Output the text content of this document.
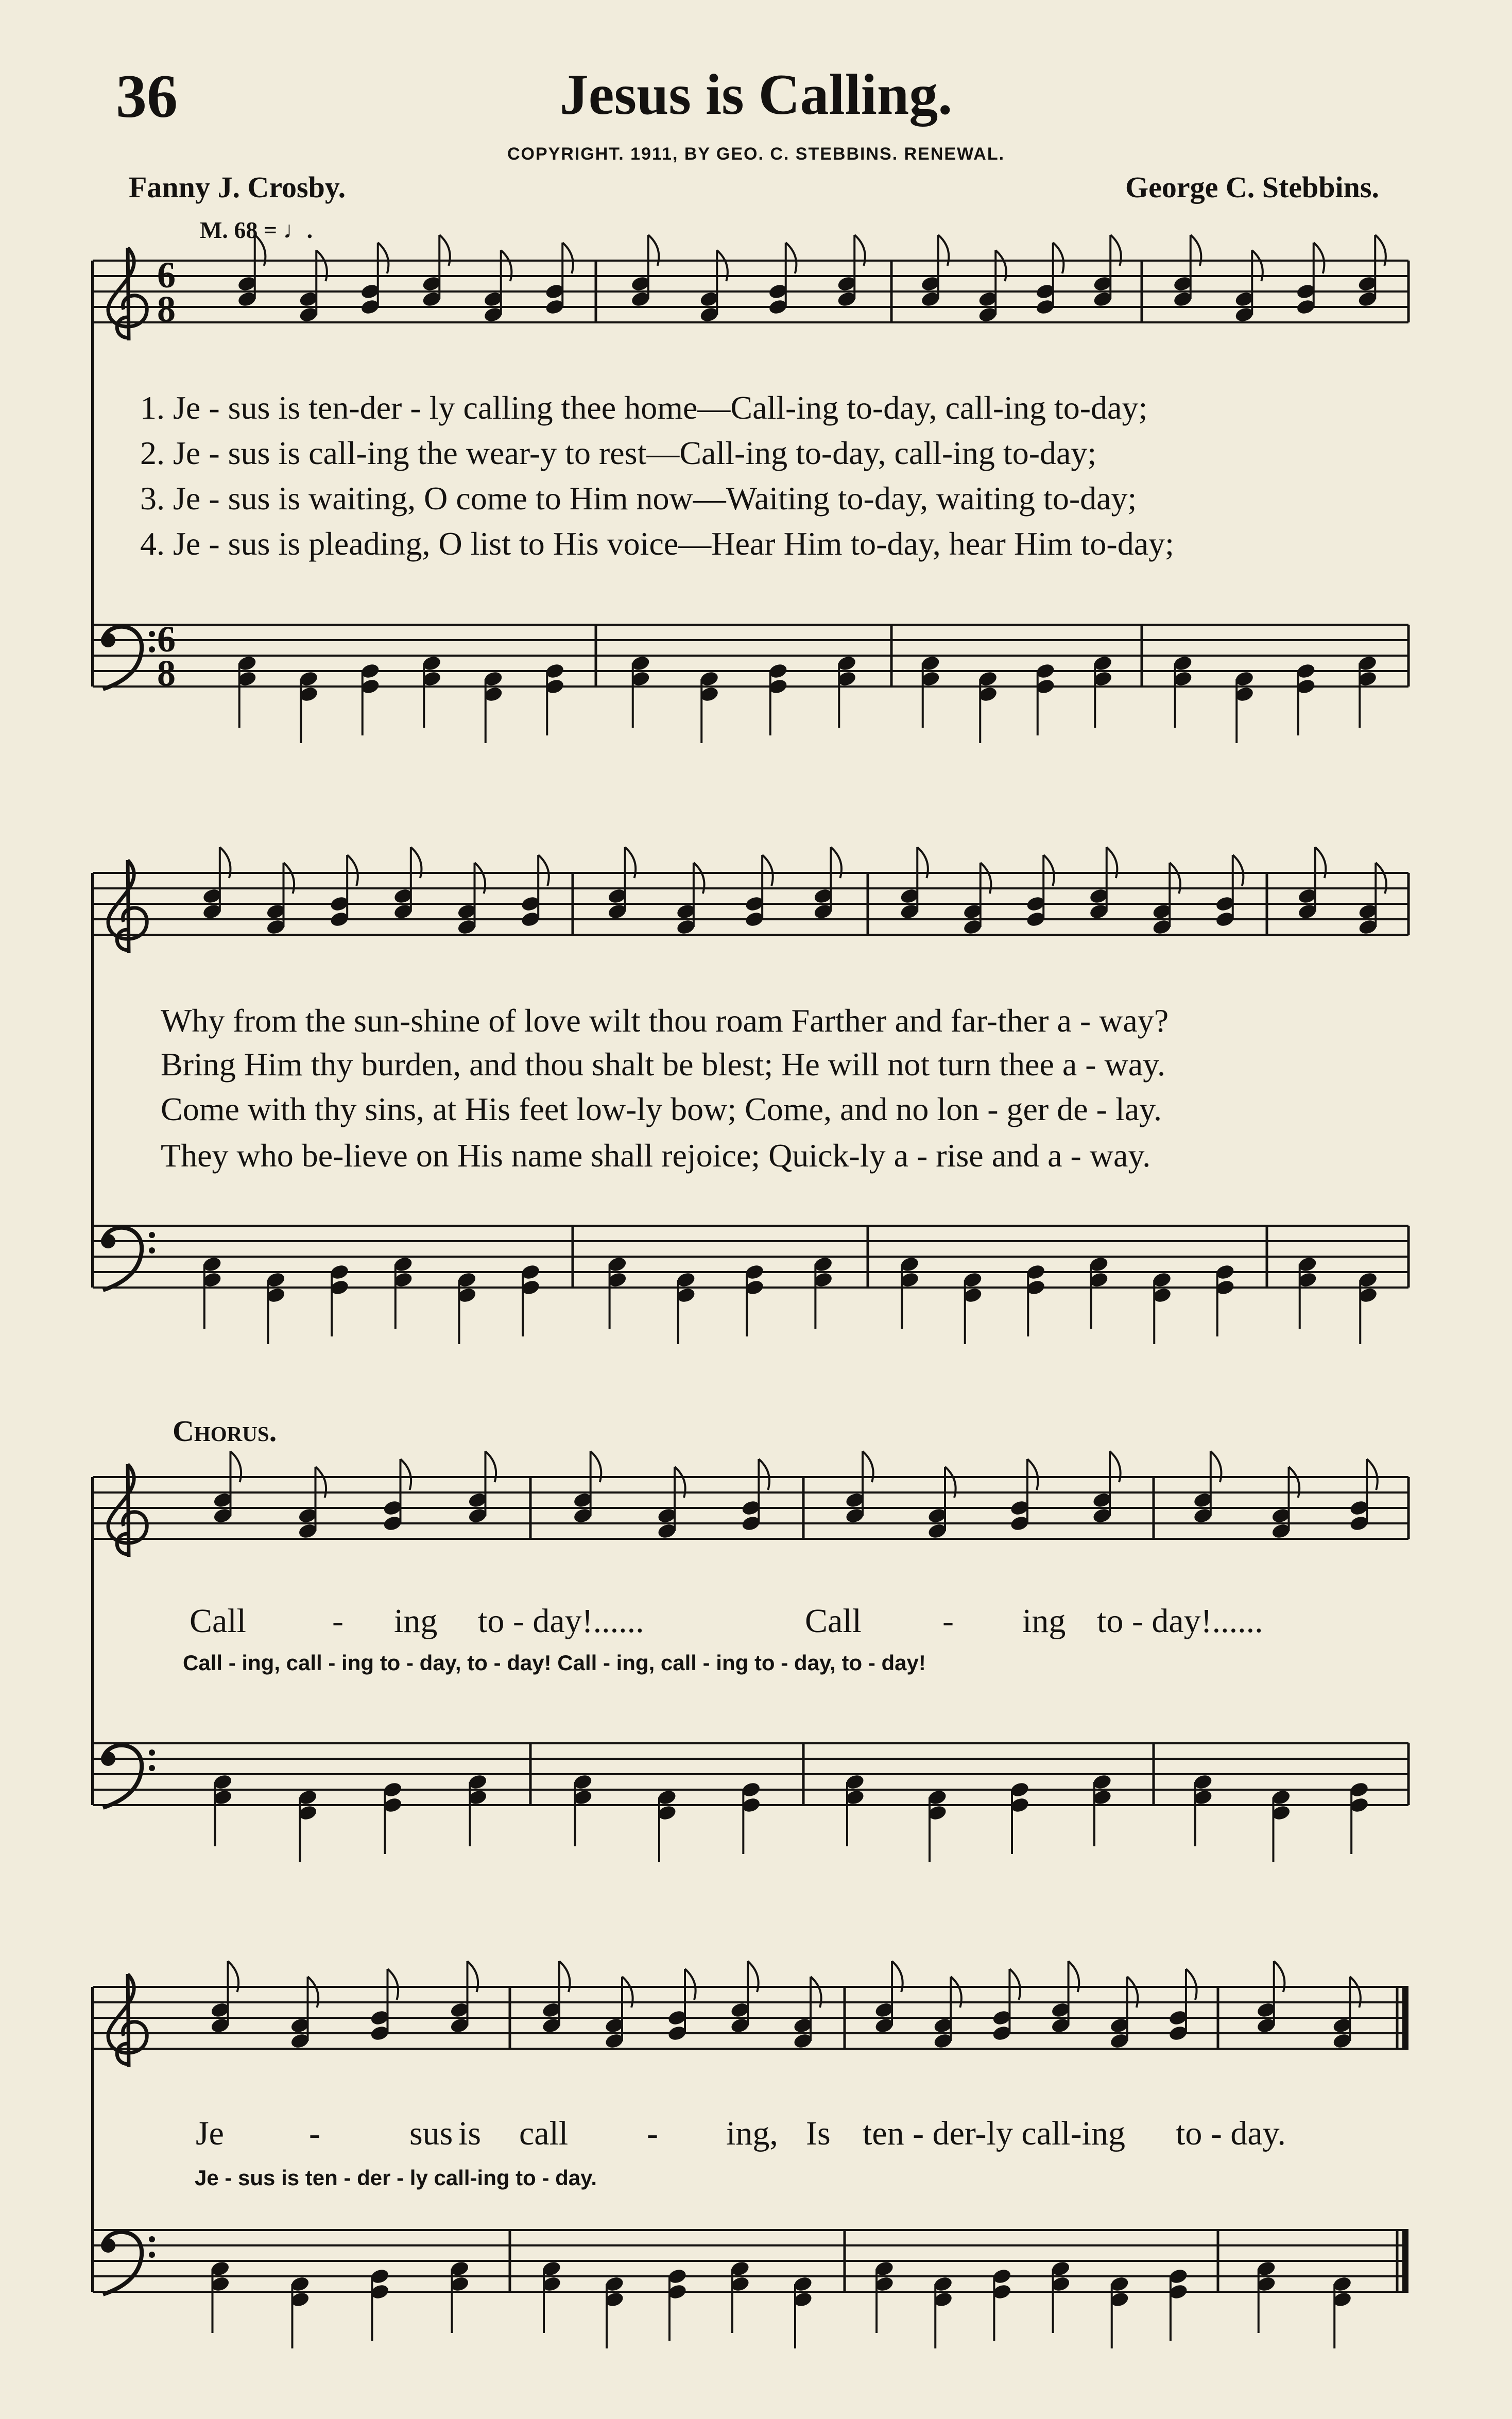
36	Jesus is Calling.
COPYRIGHT. 1911, BY GEO. C. STEBBINS. RENEWAL.
Fanny J. Crosby.	George C. Stebbins.
M. 68 = ♩.
6
8
6
8
1. Je - sus is ten-der - ly calling thee home—Call-ing to-day, call-ing to-day;
2. Je - sus is call-ing the wear-y to rest—Call-ing to-day, call-ing to-day;
3. Je - sus is waiting, O come to Him now—Waiting to-day, waiting to-day;
4. Je - sus is pleading, O list to His voice—Hear Him to-day, hear Him to-day;
Why from the sun-shine of love wilt thou roam Farther and far-ther a - way?
Bring Him thy burden, and thou shalt be blest; He will not turn thee a - way.
Come with thy sins, at His feet low-ly bow; Come, and no lon - ger de - lay.
They who be-lieve on His name shall rejoice; Quick-ly a - rise and a - way.
Chorus.
Call	- ing to - day!......	Call - ing to - day!......
Call - ing, call - ing to - day, to - day! Call - ing, call - ing to - day, to - day!
Je	-	sus is call - ing, Is ten - der-ly call-ing to - day.
Je - sus is ten - der - ly call-ing to - day.
